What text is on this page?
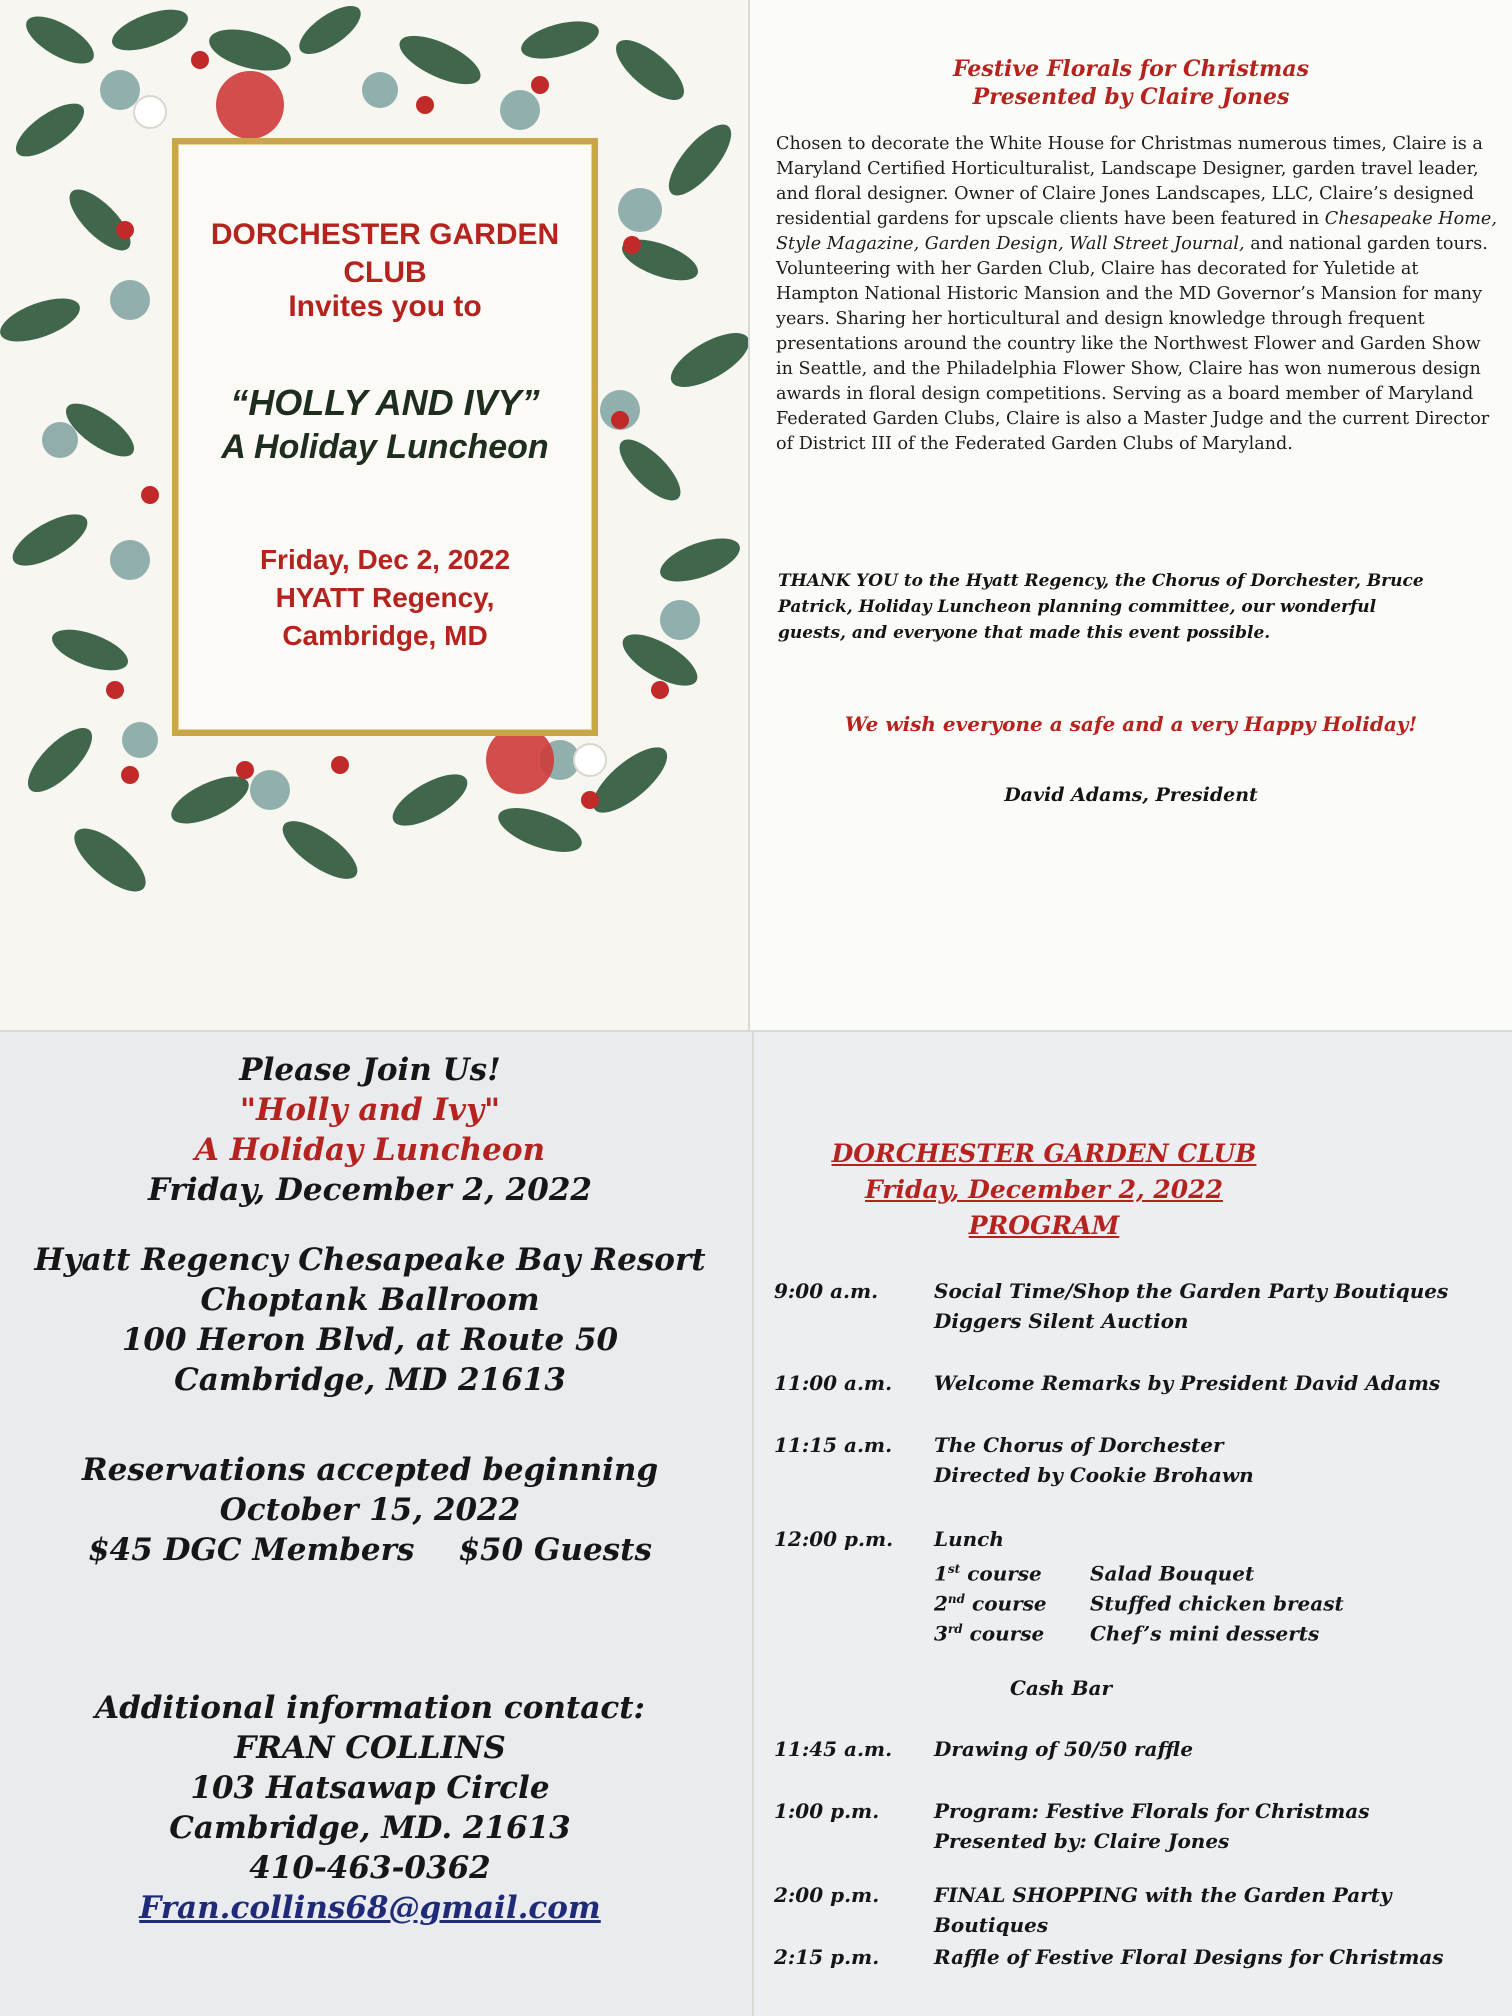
DORCHESTER GARDEN CLUB
Invites you to
“HOLLY AND IVY”
A Holiday Luncheon
Friday, Dec 2, 2022
HYATT Regency,
Cambridge, MD
Festive Florals for Christmas
Presented by Claire Jones

Chosen to decorate the White House for Christmas numerous times, Claire is a Maryland Certified Horticulturalist, Landscape Designer, garden travel leader, and floral designer. Owner of Claire Jones Landscapes, LLC, Claire’s designed residential gardens for upscale clients have been featured in Chesapeake Home, Style Magazine, Garden Design, Wall Street Journal, and national garden tours.

Volunteering with her Garden Club, Claire has decorated for Yuletide at Hampton National Historic Mansion and the MD Governor’s Mansion for many years. Sharing her horticultural and design knowledge through frequent presentations around the country like the Northwest Flower and Garden Show in Seattle, and the Philadelphia Flower Show, Claire has won numerous design awards in floral design competitions. Serving as a board member of Maryland Federated Garden Clubs, Claire is also a Master Judge and the current Director of District III of the Federated Garden Clubs of Maryland.

THANK YOU to the Hyatt Regency, the Chorus of Dorchester, Bruce Patrick, Holiday Luncheon planning committee, our wonderful guests, and everyone that made this event possible.
We wish everyone a safe and a very Happy Holiday!
David Adams, President
Please Join Us!
"Holly and Ivy"
A Holiday Luncheon
Friday, December 2, 2022
Hyatt Regency Chesapeake Bay Resort
Choptank Ballroom
100 Heron Blvd, at Route 50
Cambridge, MD 21613
Reservations accepted beginning
October 15, 2022
$45 DGC Members $50 Guests
Additional information contact:
FRAN COLLINS
103 Hatsawap Circle
Cambridge, MD. 21613
410-463-0362
Fran.collins68@gmail.com
DORCHESTER GARDEN CLUB
Friday, December 2, 2022
PROGRAM
9:00 a.m.	Social Time/Shop the Garden Party Boutiques
Diggers Silent Auction
11:00 a.m.	Welcome Remarks by President David Adams
11:15 a.m.	The Chorus of Dorchester
Directed by Cookie Brohawn
12:00 p.m.	Lunch
1st course Salad Bouquet
2nd course Stuffed chicken breast
3rd course Chef’s mini desserts
Cash Bar
11:45 a.m.	Drawing of 50/50 raffle
1:00 p.m.	Program: Festive Florals for Christmas
Presented by: Claire Jones
2:00 p.m.	FINAL SHOPPING with the Garden Party Boutiques
2:15 p.m.	Raffle of Festive Floral Designs for Christmas
